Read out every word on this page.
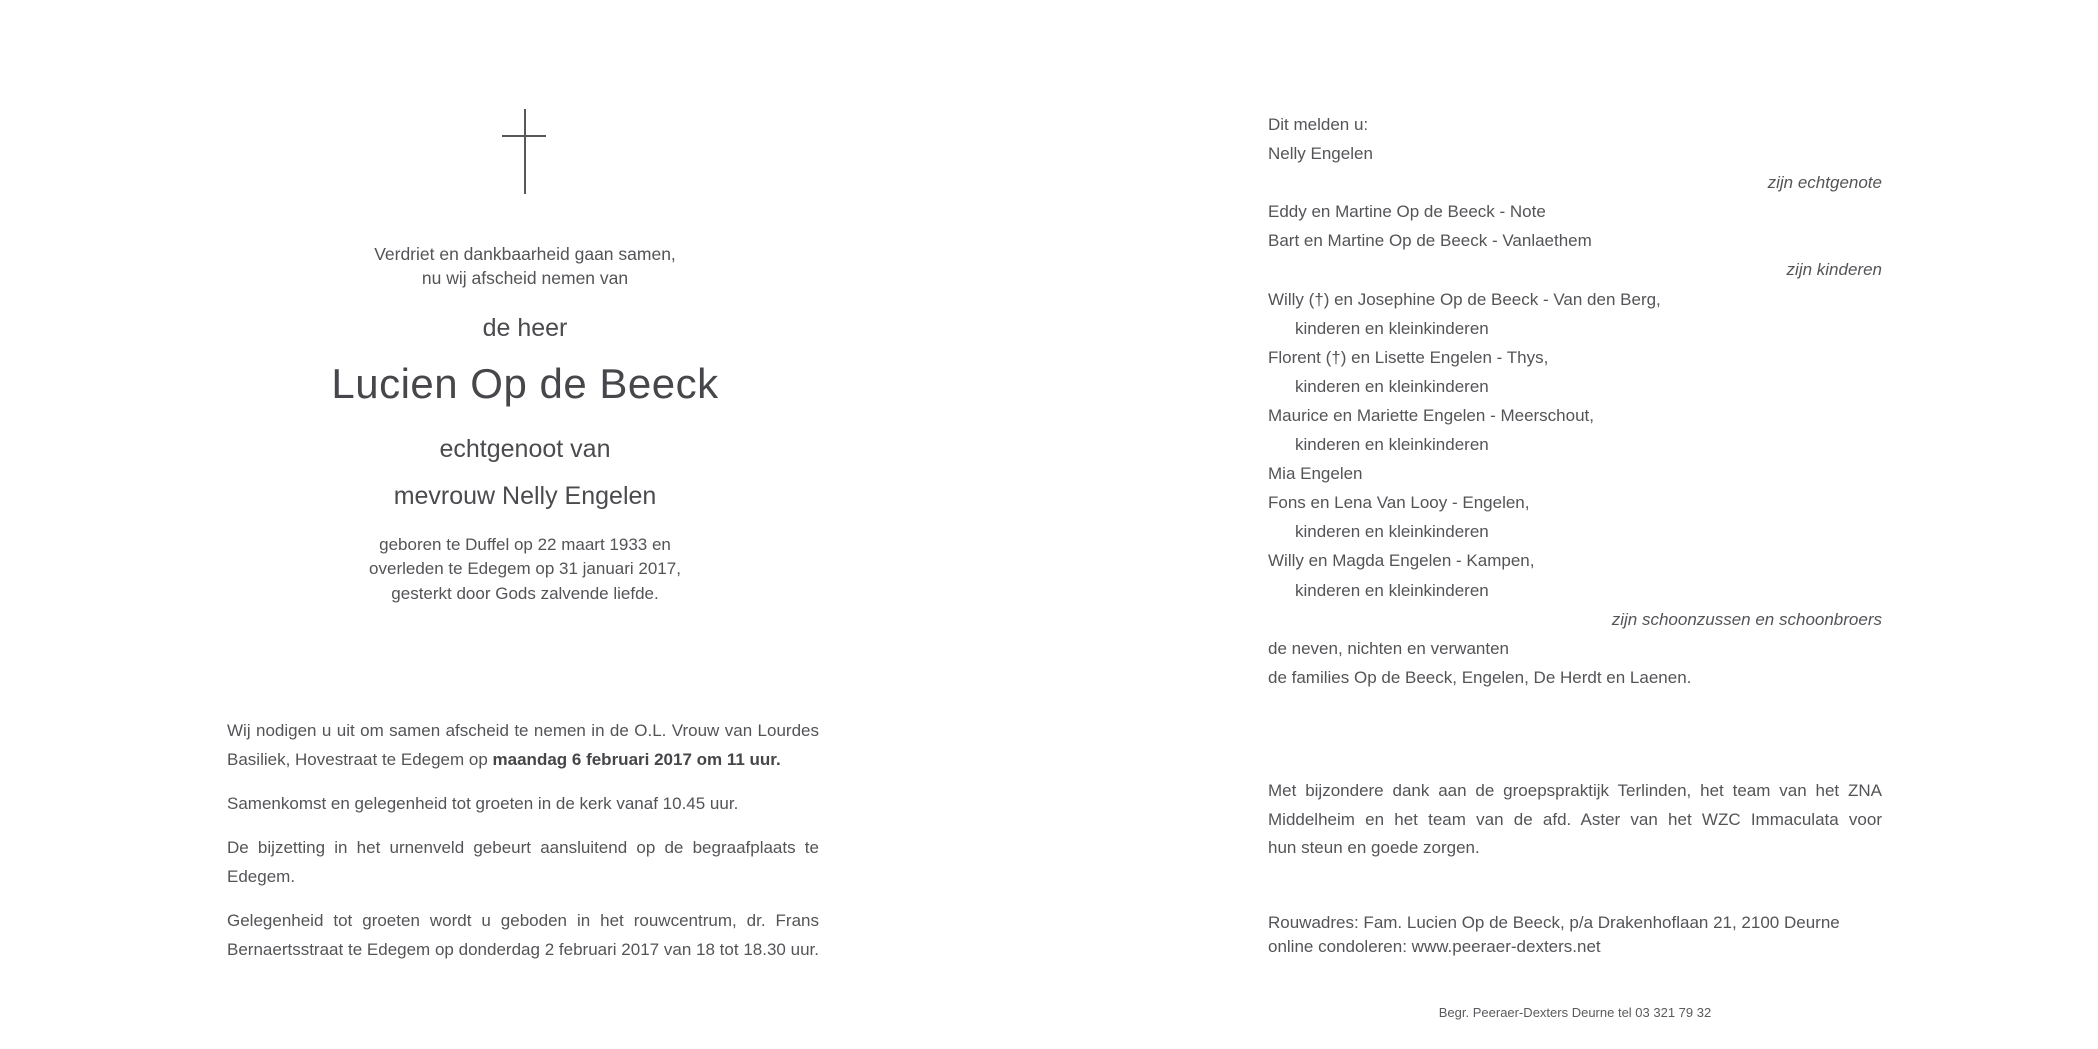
Verdriet en dankbaarheid gaan samen,
nu wij afscheid nemen van
de heer
Lucien Op de Beeck
echtgenoot van
mevrouw Nelly Engelen
geboren te Duffel op 22 maart 1933 en
overleden te Edegem op 31 januari 2017,
gesterkt door Gods zalvende liefde.

Wij nodigen u uit om samen afscheid te nemen in de O.L. Vrouw van Lourdes
Basiliek, Hovestraat te Edegem op maandag 6 februari 2017 om 11 uur.

Samenkomst en gelegenheid tot groeten in de kerk vanaf 10.45 uur.

De bijzetting in het urnenveld gebeurt aansluitend op de begraafplaats te
Edegem.

Gelegenheid tot groeten wordt u geboden in het rouwcentrum, dr. Frans
Bernaertsstraat te Edegem op donderdag 2 februari 2017 van 18 tot 18.30 uur.

Dit melden u:
Nelly Engelen
zijn echtgenote
Eddy en Martine Op de Beeck - Note
Bart en Martine Op de Beeck - Vanlaethem
zijn kinderen
Willy (†) en Josephine Op de Beeck - Van den Berg,
kinderen en kleinkinderen
Florent (†) en Lisette Engelen - Thys,
kinderen en kleinkinderen
Maurice en Mariette Engelen - Meerschout,
kinderen en kleinkinderen
Mia Engelen
Fons en Lena Van Looy - Engelen,
kinderen en kleinkinderen
Willy en Magda Engelen - Kampen,
kinderen en kleinkinderen
zijn schoonzussen en schoonbroers
de neven, nichten en verwanten
de families Op de Beeck, Engelen, De Herdt en Laenen.
Met bijzondere dank aan de groepspraktijk Terlinden, het team van het ZNA
Middelheim en het team van de afd. Aster van het WZC Immaculata voor
hun steun en goede zorgen.
Rouwadres: Fam. Lucien Op de Beeck, p/a Drakenhoflaan 21, 2100 Deurne
online condoleren: www.peeraer-dexters.net
Begr. Peeraer-Dexters Deurne tel 03 321 79 32
